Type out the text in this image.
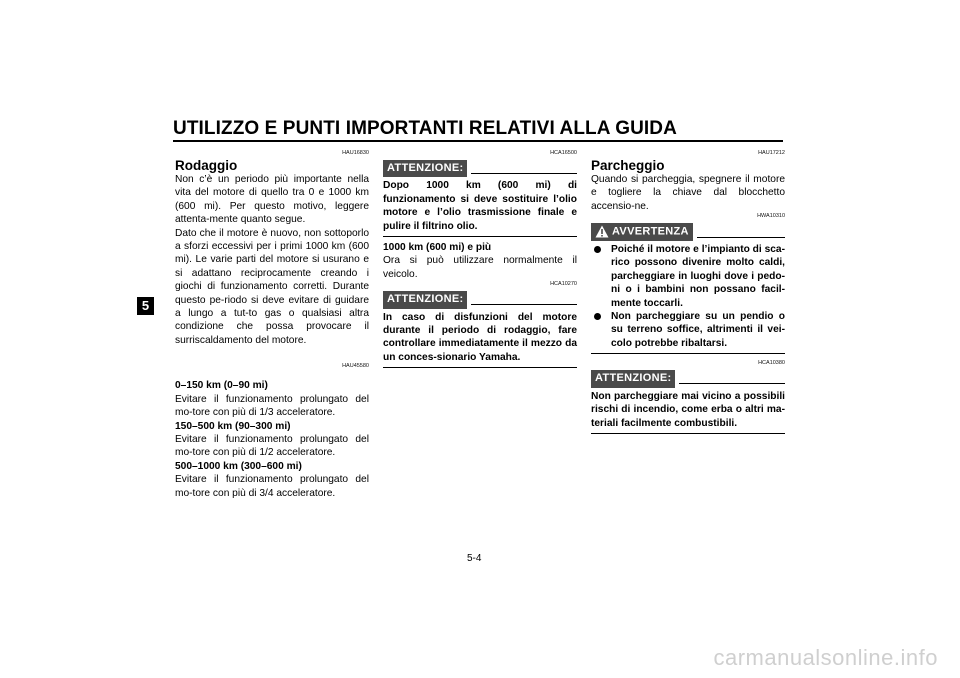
UTILIZZO E PUNTI IMPORTANTI RELATIVI ALLA GUIDA
5
HAU16830
Rodaggio

Non c’è un periodo più importante nella vita del motore di quello tra 0 e 1000 km (600 mi). Per questo motivo, leggere attenta-mente quanto segue.

Dato che il motore è nuovo, non sottoporlo a sforzi eccessivi per i primi 1000 km (600 mi). Le varie parti del motore si usurano e si adattano reciprocamente creando i giochi di funzionamento corretti. Durante questo pe-riodo si deve evitare di guidare a lungo a tut-to gas o qualsiasi altra condizione che possa provocare il surriscaldamento del motore.

HAU45580
0–150 km (0–90 mi)

Evitare il funzionamento prolungato del mo-tore con più di 1/3 acceleratore.

150–500 km (90–300 mi)

Evitare il funzionamento prolungato del mo-tore con più di 1/2 acceleratore.

500–1000 km (300–600 mi)

Evitare il funzionamento prolungato del mo-tore con più di 3/4 acceleratore.

HCA16500
ATTENZIONE:
Dopo 1000 km (600 mi) di funzionamento si deve sostituire l’olio motore e l’olio trasmissione finale e pulire il filtrino olio.
1000 km (600 mi) e più

Ora si può utilizzare normalmente il veicolo.

HCA10270
ATTENZIONE:
In caso di disfunzioni del motore durante il periodo di rodaggio, fare controllare immediatamente il mezzo da un conces-sionario Yamaha.
HAU17212
Parcheggio

Quando si parcheggia, spegnere il motore e togliere la chiave dal blocchetto accensio-ne.

HWA10310
AVVERTENZA
Poiché il motore e l’impianto di sca-rico possono divenire molto caldi, parcheggiare in luoghi dove i pedo-ni o i bambini non possano facil-mente toccarli.
Non parcheggiare su un pendio o su terreno soffice, altrimenti il vei-colo potrebbe ribaltarsi.
HCA10380
ATTENZIONE:
Non parcheggiare mai vicino a possibili rischi di incendio, come erba o altri ma-teriali facilmente combustibili.
5-4
carmanualsonline.info
